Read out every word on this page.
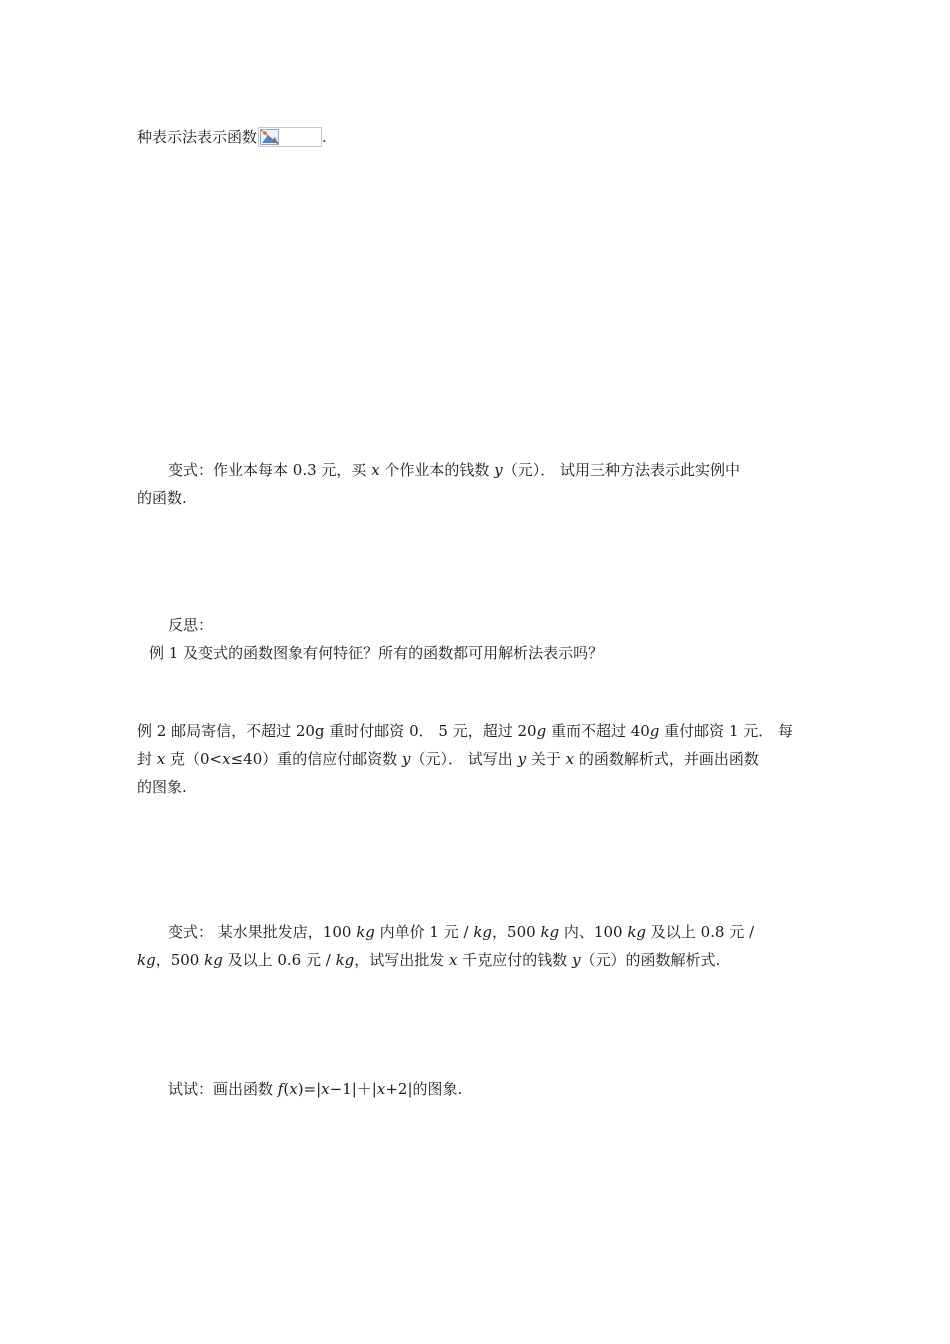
种表示法表示函数	.
变式：作业本每本 0.3 元，买 x 个作业本的钱数 y（元）． 试用三种方法表示此实例中
的函数.
反思：
例 1 及变式的函数图象有何特征？所有的函数都可用解析法表示吗？
例 2 邮局寄信，不超过 20g 重时付邮资 0． 5 元，超过 20g 重而不超过 40g 重付邮资 1 元． 每
封 x 克（0<x≤40）重的信应付邮资数 y（元）． 试写出 y 关于 x 的函数解析式，并画出函数
的图象.
变式： 某水果批发店，100 kg 内单价 1 元 / kg，500 kg 内、100 kg 及以上 0.8 元 /
kg，500 kg 及以上 0.6 元 / kg，试写出批发 x 千克应付的钱数 y（元）的函数解析式.
试试：画出函数 f(x)=|x−1|＋|x+2|的图象.
